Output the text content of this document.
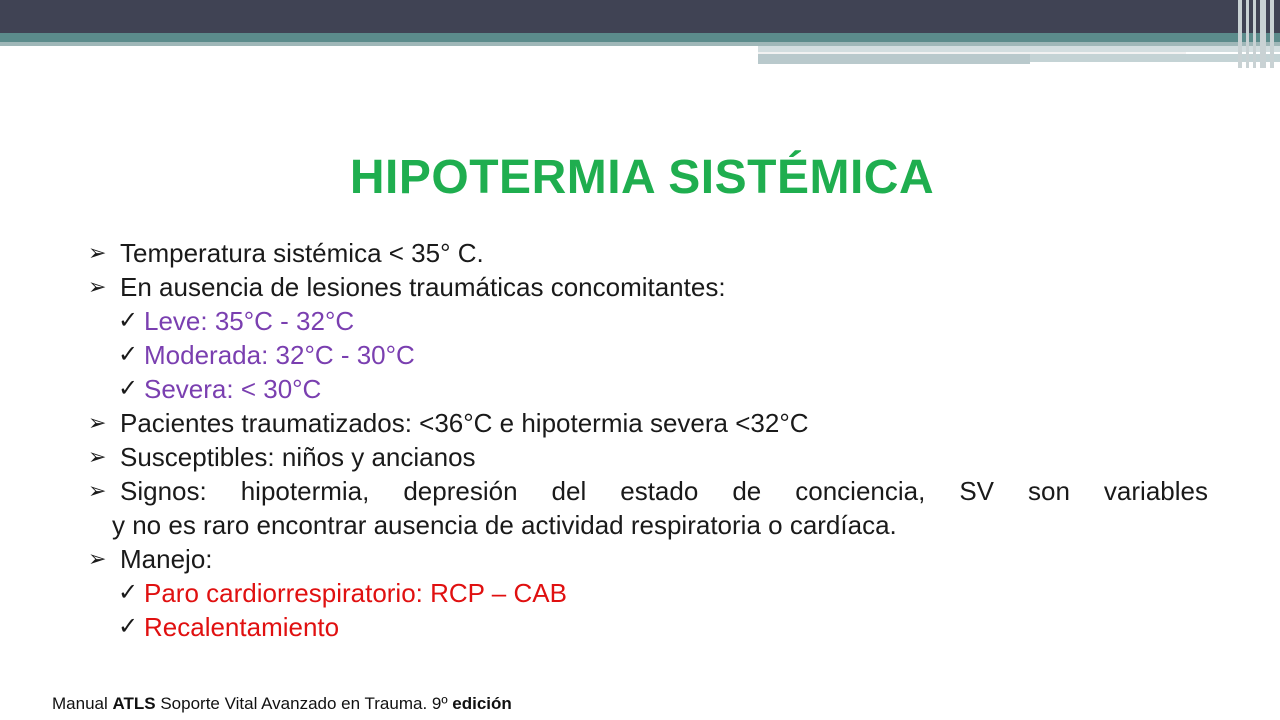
HIPOTERMIA SISTÉMICA
➢ Temperatura sistémica < 35° C.
➢ En ausencia de lesiones traumáticas concomitantes:
✓ Leve: 35°C - 32°C
✓ Moderada: 32°C - 30°C
✓ Severa: < 30°C
➢ Pacientes traumatizados: <36°C e hipotermia severa <32°C
➢ Susceptibles: niños y ancianos
➢ Signos: hipotermia, depresión del estado de conciencia, SV son variables
y no es raro encontrar ausencia de actividad respiratoria o cardíaca.
➢ Manejo:
✓ Paro cardiorrespiratorio: RCP – CAB
✓ Recalentamiento
Manual ATLS Soporte Vital Avanzado en Trauma. 9º edición
